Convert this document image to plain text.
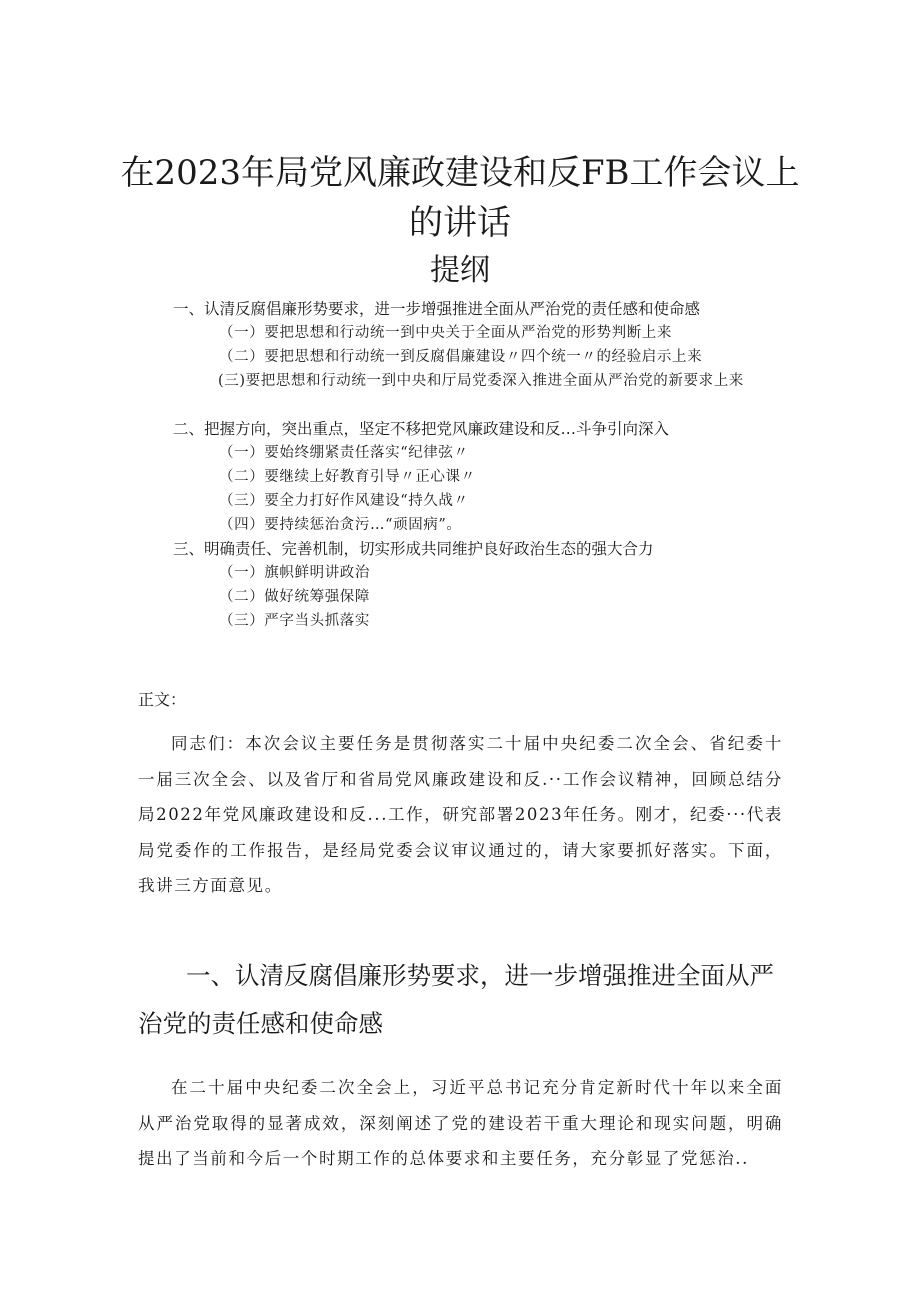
在2023年局党风廉政建设和反FB工作会议上
的讲话
提纲
一、认清反腐倡廉形势要求，进一步增强推进全面从严治党的责任感和使命感
（一）要把思想和行动统一到中央关于全面从严治党的形势判断上来
（二）要把思想和行动统一到反腐倡廉建设〃四个统一〃的经验启示上来
(三)要把思想和行动统一到中央和厅局党委深入推进全面从严治党的新要求上来
二、把握方向，突出重点，坚定不移把党风廉政建设和反…斗争引向深入
（一）要始终绷紧责任落实“纪律弦〃
（二）要继续上好教育引导〃正心课〃
（三）要全力打好作风建设“持久战〃
（四）要持续惩治贪污…“顽固病”。
三、明确责任、完善机制，切实形成共同维护良好政治生态的强大合力
（一）旗帜鲜明讲政治
（二）做好统筹强保障
（三）严字当头抓落实
正文：
同志们：本次会议主要任务是贯彻落实二十届中央纪委二次全会、省纪委十一届三次全会、以及省厅和省局党风廉政建设和反.··工作会议精神，回顾总结分局2022年党风廉政建设和反...工作，研究部署2023年任务。刚才，纪委···代表局党委作的工作报告，是经局党委会议审议通过的，请大家要抓好落实。下面，我讲三方面意见。
一、认清反腐倡廉形势要求，进一步增强推进全面从严
治党的责任感和使命感
在二十届中央纪委二次全会上，习近平总书记充分肯定新时代十年以来全面从严治党取得的显著成效，深刻阐述了党的建设若干重大理论和现实问题，明确提出了当前和今后一个时期工作的总体要求和主要任务，充分彰显了党惩治..
